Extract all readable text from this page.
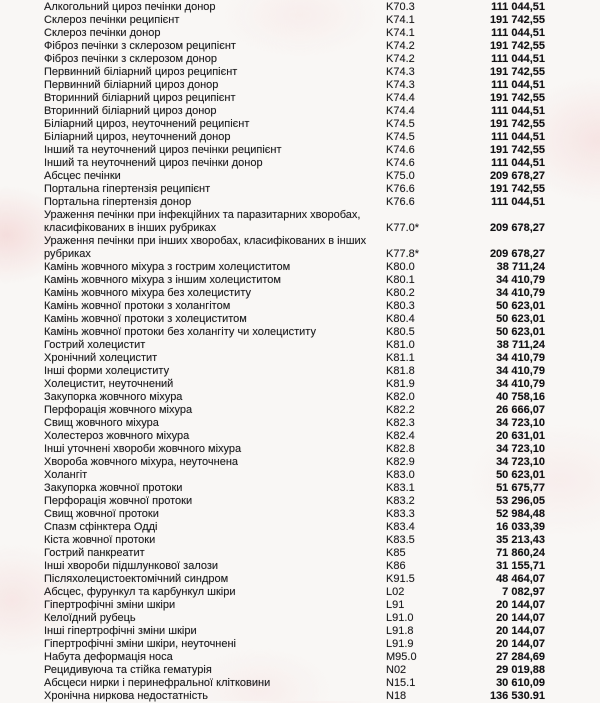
Алкогольний цироз печінки донор	K70.3	111 044,51
Склероз печінки реципієнт	K74.1	191 742,55
Склероз печінки донор	K74.1	111 044,51
Фіброз печінки з склерозом реципієнт	K74.2	191 742,55
Фіброз печінки з склерозом донор	K74.2	111 044,51
Первинний біліарний цироз реципієнт	K74.3	191 742,55
Первинний біліарний цироз донор	K74.3	111 044,51
Вторинний біліарний цироз реципієнт	K74.4	191 742,55
Вторинний біліарний цироз донор	K74.4	111 044,51
Біліарний цироз, неуточнений реципієнт	K74.5	191 742,55
Біліарний цироз, неуточнений донор	K74.5	111 044,51
Інший та неуточнений цироз печінки реципієнт	K74.6	191 742,55
Інший та неуточнений цироз печінки донор	K74.6	111 044,51
Абсцес печінки	K75.0	209 678,27
Портальна гіпертензія реципієнт	K76.6	191 742,55
Портальна гіпертензія донор	K76.6	111 044,51
Ураження печінки при інфекційних та паразитарних хворобах,
класифікованих в інших рубриках	K77.0*	209 678,27
Ураження печінки при інших хворобах, класифікованих в інших
рубриках	K77.8*	209 678,27
Камінь жовчного міхура з гострим холециститом	K80.0	38 711,24
Камінь жовчного міхура з іншим холециститом	K80.1	34 410,79
Камінь жовчного міхура без холециститу	K80.2	34 410,79
Камінь жовчної протоки з холангітом	K80.3	50 623,01
Камінь жовчної протоки з холециститом	K80.4	50 623,01
Камінь жовчної протоки без холангіту чи холециститу	K80.5	50 623,01
Гострий холецистит	K81.0	38 711,24
Хронічний холецистит	K81.1	34 410,79
Інші форми холециститу	K81.8	34 410,79
Холецистит, неуточнений	K81.9	34 410,79
Закупорка жовчного міхура	K82.0	40 758,16
Перфорація жовчного міхура	K82.2	26 666,07
Свищ жовчного міхура	K82.3	34 723,10
Холестероз жовчного міхура	K82.4	20 631,01
Інші уточнені хвороби жовчного міхура	K82.8	34 723,10
Хвороба жовчного міхура, неуточнена	K82.9	34 723,10
Холангіт	K83.0	50 623,01
Закупорка жовчної протоки	K83.1	51 675,77
Перфорація жовчної протоки	K83.2	53 296,05
Свищ жовчної протоки	K83.3	52 984,48
Спазм сфінктера Одді	K83.4	16 033,39
Кіста жовчної протоки	K83.5	35 213,43
Гострий панкреатит	K85	71 860,24
Інші хвороби підшлункової залози	K86	31 155,71
Післяхолецистоектомічний синдром	K91.5	48 464,07
Абсцес, фурункул та карбункул шкіри	L02	7 082,97
Гіпертрофічні зміни шкіри	L91	20 144,07
Келоїдний рубець	L91.0	20 144,07
Інші гіпертрофічні зміни шкіри	L91.8	20 144,07
Гіпертрофічні зміни шкіри, неуточнені	L91.9	20 144,07
Набута деформація носа	M95.0	27 284,69
Рецидивуюча та стійка гематурія	N02	29 019,88
Абсцеси нирки і перинефральної клітковини	N15.1	30 610,09
Хронічна ниркова недостатність	N18	136 530.91
